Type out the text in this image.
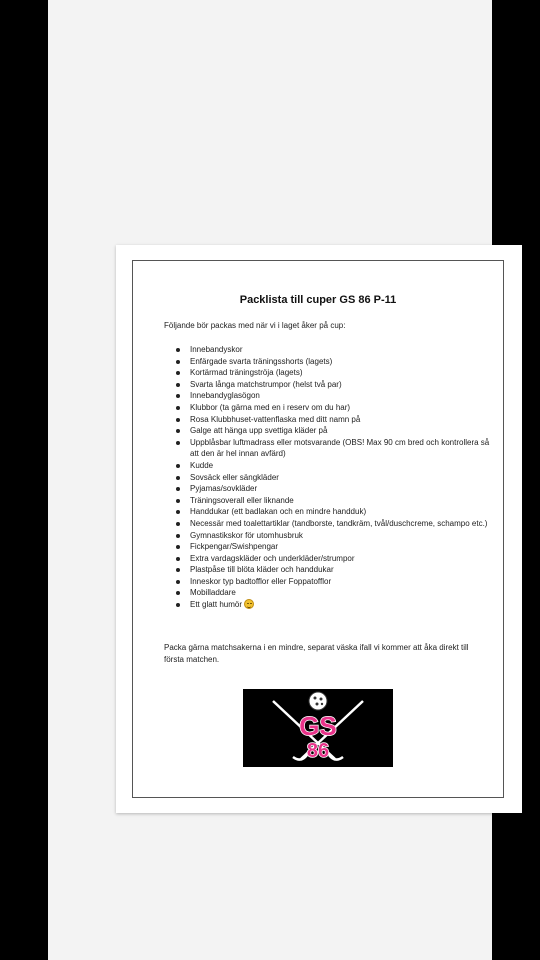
Packlista till cuper GS 86 P-11
Följande bör packas med när vi i laget åker på cup:
Innebandyskor
Enfärgade svarta träningsshorts (lagets)
Kortärmad träningströja (lagets)
Svarta långa matchstrumpor (helst två par)
Innebandyglasögon
Klubbor (ta gärna med en i reserv om du har)
Rosa Klubbhuset-vattenflaska med ditt namn på
Galge att hänga upp svettiga kläder på
Uppblåsbar luftmadrass eller motsvarande (OBS! Max 90 cm bred och kontrollera så att den är hel innan avfärd)
Kudde
Sovsäck eller sängkläder
Pyjamas/sovkläder
Träningsoverall eller liknande
Handdukar (ett badlakan och en mindre handduk)
Necessär med toalettartiklar (tandborste, tandkräm, tvål/duschcreme, schampo etc.)
Gymnastikskor för utomhusbruk
Fickpengar/Swishpengar
Extra vardagskläder och underkläder/strumpor
Plastpåse till blöta kläder och handdukar
Inneskor typ badtofflor eller Foppatofflor
Mobilladdare
Ett glatt humör
Packa gärna matchsakerna i en mindre, separat väska ifall vi kommer att åka direkt till första matchen.
GS
86
